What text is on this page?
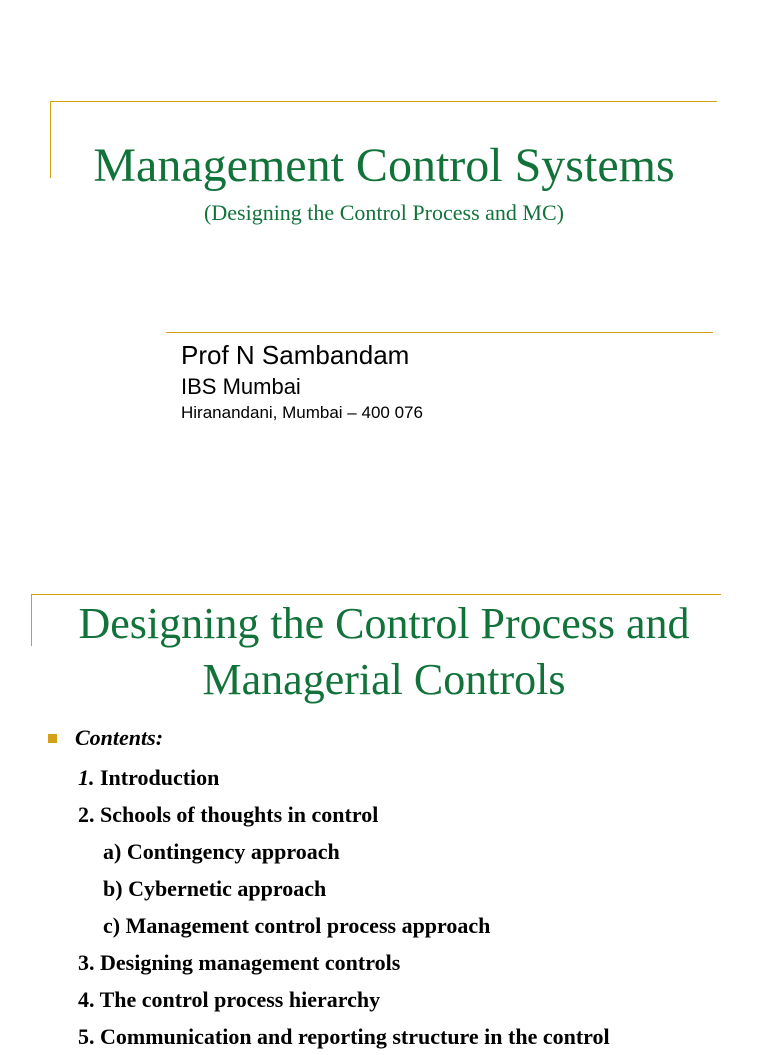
Management Control Systems
(Designing the Control Process and MC)
Prof N Sambandam
IBS Mumbai
Hiranandani, Mumbai – 400 076
Designing the Control Process and
Managerial Controls
Contents:
1. Introduction
2. Schools of thoughts in control
a) Contingency approach
b) Cybernetic approach
c) Management control process approach
3. Designing management controls
4. The control process hierarchy
5. Communication and reporting structure in the control
